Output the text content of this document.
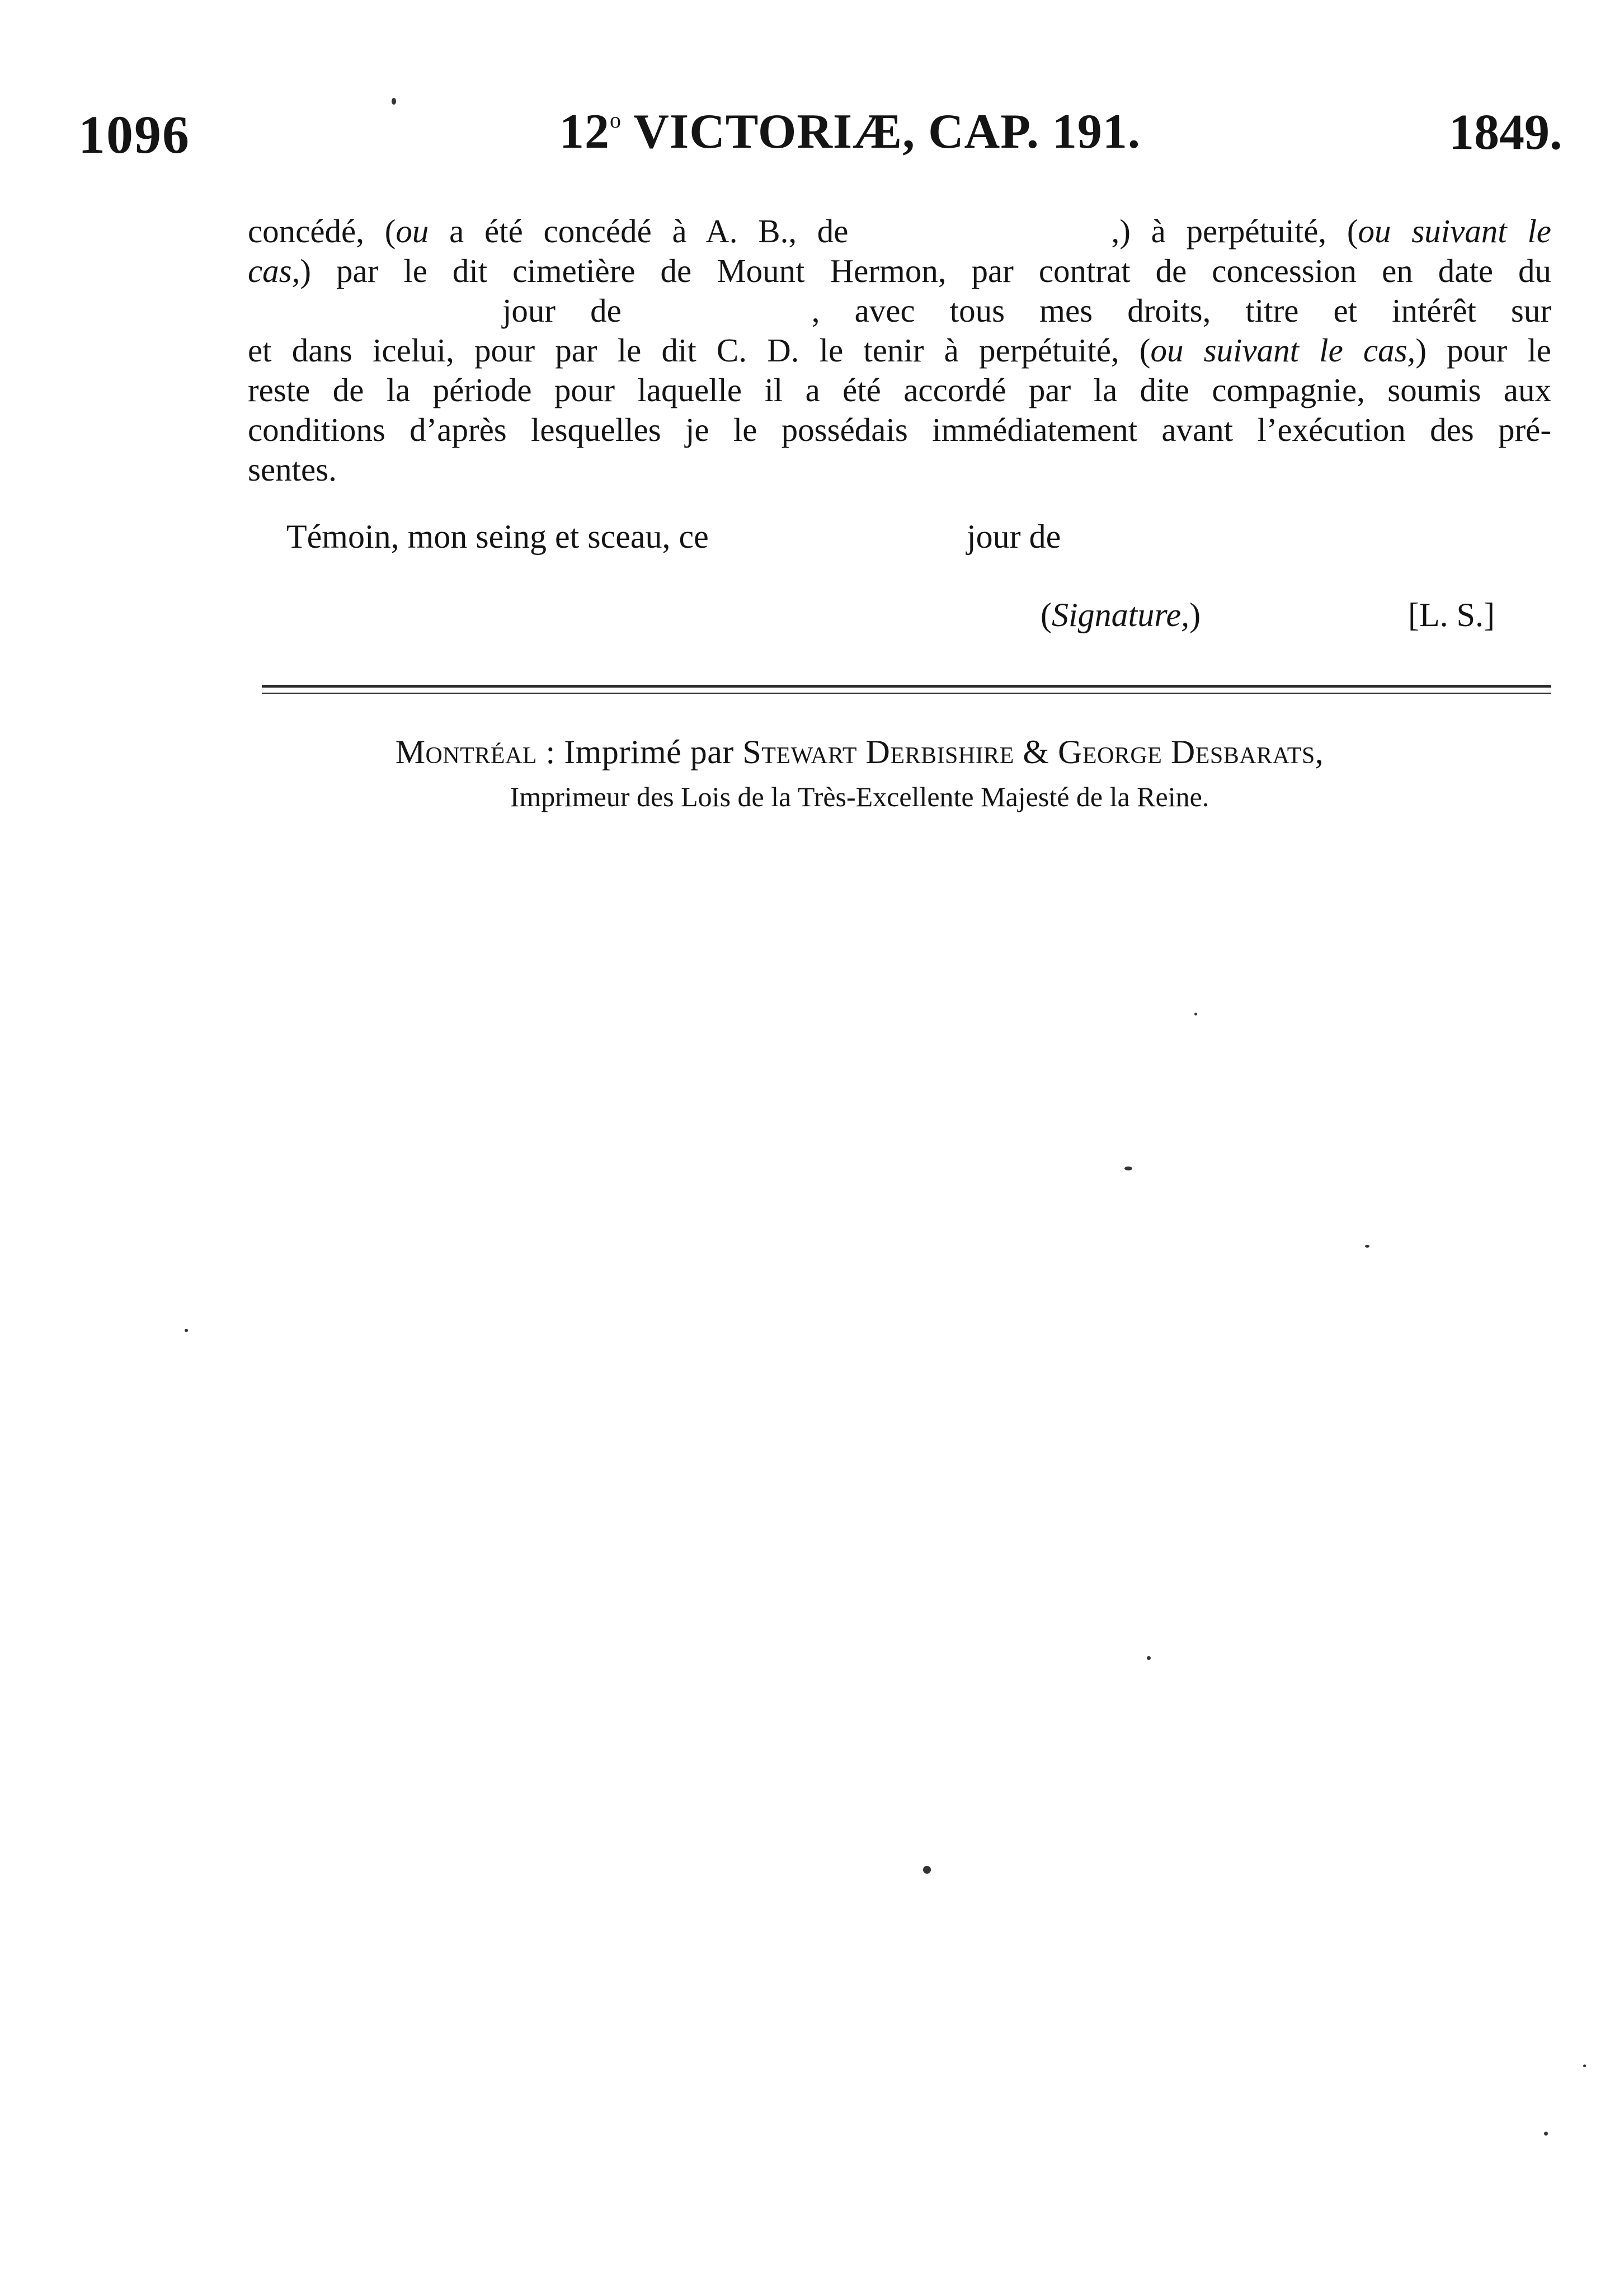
1096	12$^o$ VICTORIÆ, CAP. 191.	1849.
concédé, (ou a été concédé à A. B., de	,) à perpétuité, (ou suivant le
cas,) par le dit cimetière de Mount Hermon, par contrat de concession en date du
jour de	, avec tous mes droits, titre et intérêt sur
et dans icelui, pour par le dit C. D. le tenir à perpétuité, (ou suivant le cas,) pour le
reste de la période pour laquelle il a été accordé par la dite compagnie, soumis aux
conditions d’après lesquelles je le possédais immédiatement avant l’exécution des pré-
sentes.
Témoin, mon seing et sceau, ce	jour de
(Signature,)	[L. S.]
Montréal : Imprimé par Stewart Derbishire & George Desbarats,
Imprimeur des Lois de la Très-Excellente Majesté de la Reine.
